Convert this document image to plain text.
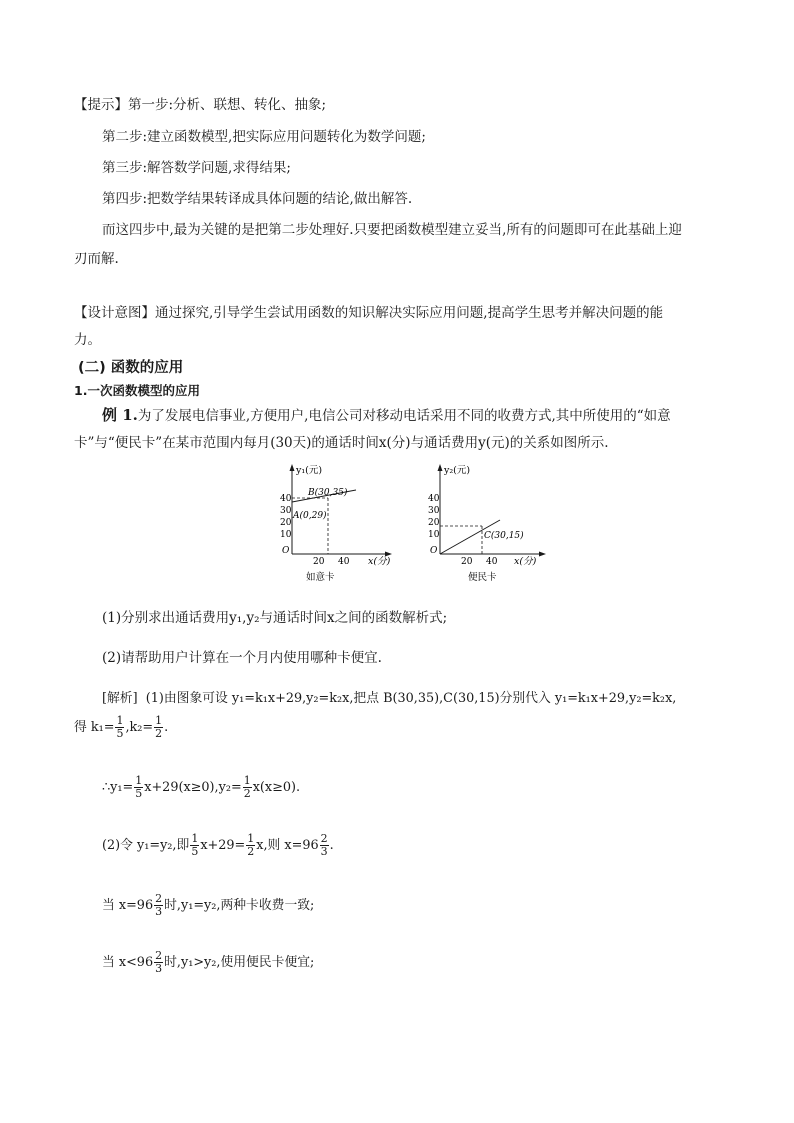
【提示】第一步:分析、联想、转化、抽象;
第二步:建立函数模型,把实际应用问题转化为数学问题;
第三步:解答数学问题,求得结果;
第四步:把数学结果转译成具体问题的结论,做出解答.
而这四步中,最为关键的是把第二步处理好.只要把函数模型建立妥当,所有的问题即可在此基础上迎
刃而解.
【设计意图】通过探究,引导学生尝试用函数的知识解决实际应用问题,提高学生思考并解决问题的能
力。
(二) 函数的应用
1.一次函数模型的应用
例 1.为了发展电信事业,方便用户,电信公司对移动电话采用不同的收费方式,其中所使用的“如意
卡”与“便民卡”在某市范围内每月(30天)的通话时间x(分)与通话费用y(元)的关系如图所示.
y₁(元)
x(分)
40
30
20
10
O
20 40
B(30,35)
A(0,29)
如意卡
y₂(元)
x(分)
40
30
20
10
O
20 40
C(30,15)
便民卡
(1)分别求出通话费用y₁,y₂与通话时间x之间的函数解析式;
(2)请帮助用户计算在一个月内使用哪种卡便宜.
[解析] (1)由图象可设 y₁=k₁x+29,y₂=k₂x,把点 B(30,35),C(30,15)分别代入 y₁=k₁x+29,y₂=k₂x,
得 $k_1= \frac{1}{5} ,k_2= \frac{1}{2}$ .
∴y₁= $\frac{1}{5} x+29(x\ge 0),y_2= \frac{1}{2} x(x\ge 0)$.
(2)令 y₁=y₂,即 $\frac{1}{5} x+29= \frac{1}{2} x$,则 $x=96 \frac{2}{3}$ .
当 $x=96 \frac{2}{3}$ 时,y₁=y₂,两种卡收费一致;
当 $x<96 \frac{2}{3}$ 时,y₁>y₂,使用便民卡便宜;
